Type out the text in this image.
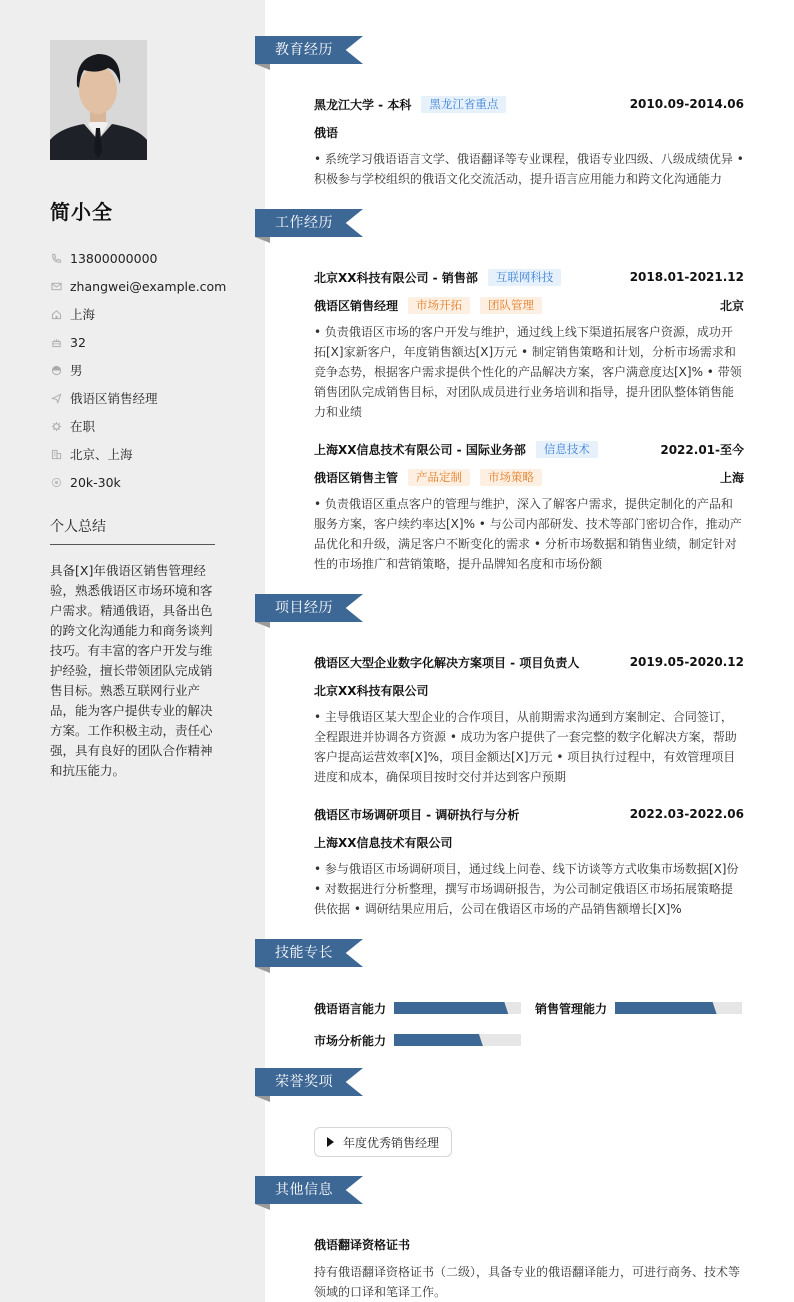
简小全
13800000000
zhangwei@example.com
上海
32
男
俄语区销售经理
在职
北京、上海
20k-30k
个人总结
具备[X]年俄语区销售管理经验，熟悉俄语区市场环境和客户需求。精通俄语，具备出色的跨文化沟通能力和商务谈判技巧。有丰富的客户开发与维护经验，擅长带领团队完成销售目标。熟悉互联网行业产品，能为客户提供专业的解决方案。工作积极主动，责任心强，具有良好的团队合作精神和抗压能力。
教育经历
黑龙江大学 - 本科	黑龙江省重点	2010.09-2014.06
俄语
• 系统学习俄语语言文学、俄语翻译等专业课程，俄语专业四级、八级成绩优异 • 积极参与学校组织的俄语文化交流活动，提升语言应用能力和跨文化沟通能力
工作经历
北京XX科技有限公司 - 销售部	互联网科技	2018.01-2021.12
俄语区销售经理	市场开拓	团队管理	北京
• 负责俄语区市场的客户开发与维护，通过线上线下渠道拓展客户资源，成功开拓[X]家新客户，年度销售额达[X]万元 • 制定销售策略和计划，分析市场需求和竞争态势，根据客户需求提供个性化的产品解决方案，客户满意度达[X]% • 带领销售团队完成销售目标，对团队成员进行业务培训和指导，提升团队整体销售能力和业绩
上海XX信息技术有限公司 - 国际业务部	信息技术	2022.01-至今
俄语区销售主管	产品定制	市场策略	上海
• 负责俄语区重点客户的管理与维护，深入了解客户需求，提供定制化的产品和服务方案，客户续约率达[X]% • 与公司内部研发、技术等部门密切合作，推动产品优化和升级，满足客户不断变化的需求 • 分析市场数据和销售业绩，制定针对性的市场推广和营销策略，提升品牌知名度和市场份额
项目经历
俄语区大型企业数字化解决方案项目 - 项目负责人	2019.05-2020.12
北京XX科技有限公司
• 主导俄语区某大型企业的合作项目，从前期需求沟通到方案制定、合同签订，全程跟进并协调各方资源 • 成功为客户提供了一套完整的数字化解决方案，帮助客户提高运营效率[X]%，项目金额达[X]万元 • 项目执行过程中，有效管理项目进度和成本，确保项目按时交付并达到客户预期
俄语区市场调研项目 - 调研执行与分析	2022.03-2022.06
上海XX信息技术有限公司
• 参与俄语区市场调研项目，通过线上问卷、线下访谈等方式收集市场数据[X]份 • 对数据进行分析整理，撰写市场调研报告，为公司制定俄语区市场拓展策略提供依据 • 调研结果应用后，公司在俄语区市场的产品销售额增长[X]%
技能专长
俄语语言能力	销售管理能力
市场分析能力
荣誉奖项
年度优秀销售经理
其他信息
俄语翻译资格证书
持有俄语翻译资格证书（二级），具备专业的俄语翻译能力，可进行商务、技术等领域的口译和笔译工作。
